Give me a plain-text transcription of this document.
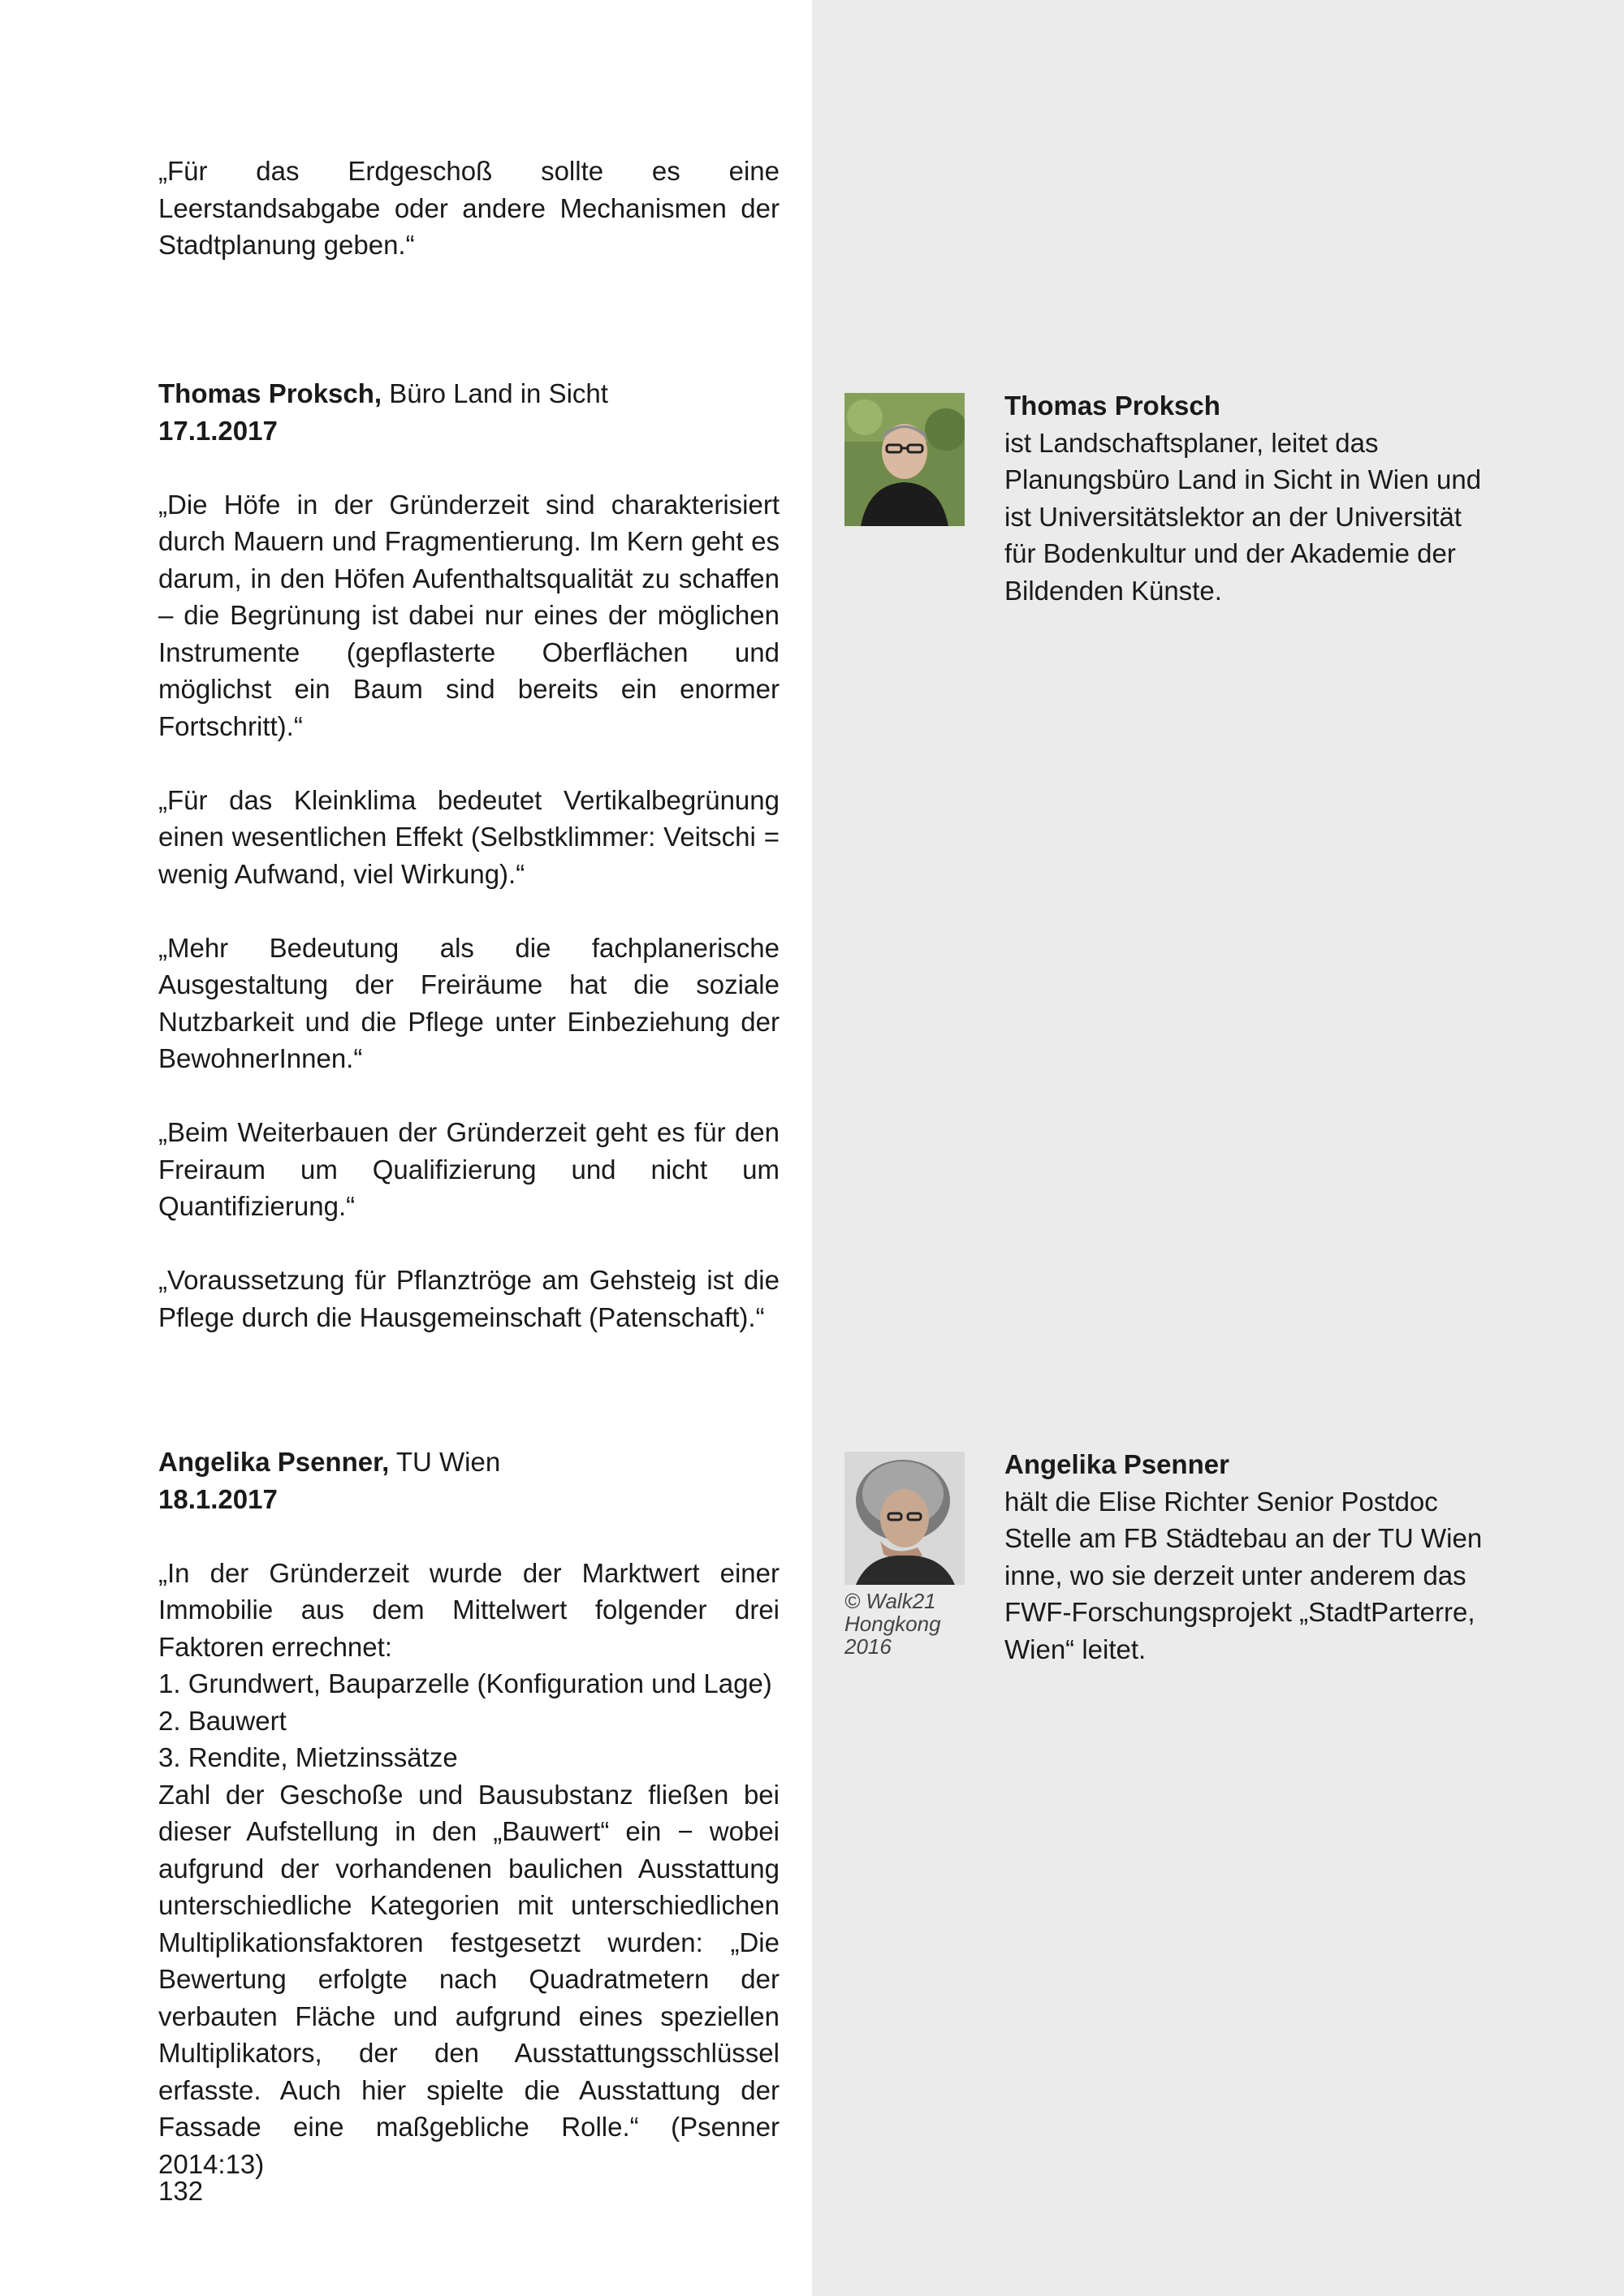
„Für das Erdgeschoß sollte es eine Leerstandsabgabe oder andere Mechanismen der Stadtplanung geben.“

Thomas Proksch, Büro Land in Sicht
17.1.2017

„Die Höfe in der Gründerzeit sind charakterisiert durch Mauern und Fragmentierung. Im Kern geht es darum, in den Höfen Aufenthaltsqualität zu schaffen – die Begrünung ist dabei nur eines der möglichen Instrumente (gepflasterte Oberflächen und möglichst ein Baum sind bereits ein enormer Fortschritt).“

„Für das Kleinklima bedeutet Vertikalbegrünung einen wesentlichen Effekt (Selbstklimmer: Veitschi = wenig Aufwand, viel Wirkung).“

„Mehr Bedeutung als die fachplanerische Ausgestaltung der Freiräume hat die soziale Nutzbarkeit und die Pflege unter Einbeziehung der BewohnerInnen.“

„Beim Weiterbauen der Gründerzeit geht es für den Freiraum um Qualifizierung und nicht um Quantifizierung.“

„Voraussetzung für Pflanztröge am Gehsteig ist die Pflege durch die Hausgemeinschaft (Patenschaft).“

Thomas Proksch

ist Landschaftsplaner, leitet das Planungsbüro Land in Sicht in Wien und ist Universitätslektor an der Universität für Bodenkultur und der Akademie der Bildenden Künste.

Angelika Psenner, TU Wien
18.1.2017

„In der Gründerzeit wurde der Marktwert einer Immobilie aus dem Mittelwert folgender drei Faktoren errechnet:

1. Grundwert, Bauparzelle (Konfiguration und Lage)

2. Bauwert

3. Rendite, Mietzinssätze

Zahl der Geschoße und Bausubstanz fließen bei dieser Aufstellung in den „Bauwert“ ein − wobei aufgrund der vorhandenen baulichen Ausstattung unterschiedliche Kategorien mit unterschiedlichen Multiplikationsfaktoren festgesetzt wurden: „Die Bewertung erfolgte nach Quadratmetern der verbauten Fläche und aufgrund eines speziellen Multiplikators, der den Ausstattungsschlüssel erfasste. Auch hier spielte die Ausstattung der Fassade eine maßgebliche Rolle.“ (Psenner 2014:13)

© Walk21 Hongkong 2016
Angelika Psenner

hält die Elise Richter Senior Postdoc Stelle am FB Städtebau an der TU Wien inne, wo sie derzeit unter anderem das FWF-Forschungsprojekt „StadtParterre, Wien“ leitet.

132
